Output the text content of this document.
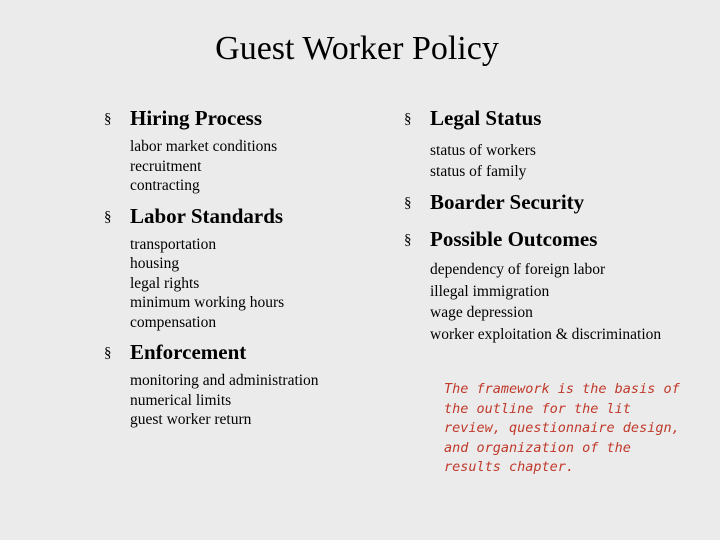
Guest Worker Policy
§ Hiring Process
labor market conditions
recruitment
contracting
§ Labor Standards
transportation
housing
legal rights
minimum working hours
compensation
§ Enforcement
monitoring and administration
numerical limits
guest worker return
§ Legal Status
status of workers
status of family
§ Boarder Security
§ Possible Outcomes
dependency of foreign labor
illegal immigration
wage depression
worker exploitation & discrimination
The framework is the basis of the outline for the lit review, questionnaire design, and organization of the results chapter.
